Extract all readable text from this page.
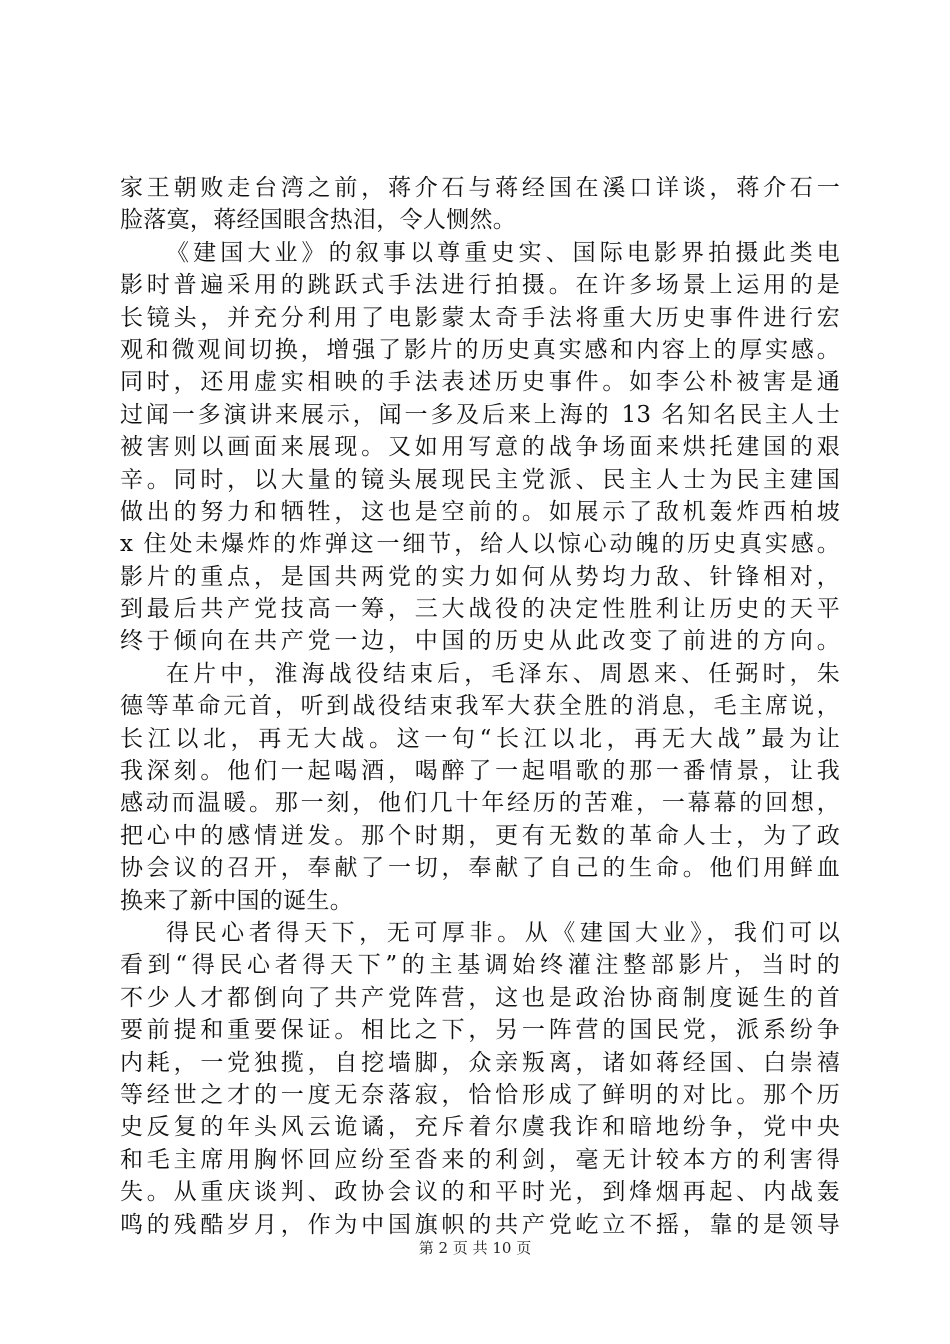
家王朝败走台湾之前，蒋介石与蒋经国在溪口详谈，蒋介石一
脸落寞，蒋经国眼含热泪，令人恻然。
《建国大业》的叙事以尊重史实、国际电影界拍摄此类电
影时普遍采用的跳跃式手法进行拍摄。在许多场景上运用的是
长镜头，并充分利用了电影蒙太奇手法将重大历史事件进行宏
观和微观间切换，增强了影片的历史真实感和内容上的厚实感。
同时，还用虚实相映的手法表述历史事件。如李公朴被害是通
过闻一多演讲来展示，闻一多及后来上海的 13 名知名民主人士
被害则以画面来展现。又如用写意的战争场面来烘托建国的艰
辛。同时，以大量的镜头展现民主党派、民主人士为民主建国
做出的努力和牺牲，这也是空前的。如展示了敌机轰炸西柏坡
x 住处未爆炸的炸弹这一细节，给人以惊心动魄的历史真实感。
影片的重点，是国共两党的实力如何从势均力敌、针锋相对，
到最后共产党技高一筹，三大战役的决定性胜利让历史的天平
终于倾向在共产党一边，中国的历史从此改变了前进的方向。
在片中，淮海战役结束后，毛泽东、周恩来、任弼时，朱
德等革命元首，听到战役结束我军大获全胜的消息，毛主席说，
长江以北，再无大战。这一句“长江以北，再无大战”最为让
我深刻。他们一起喝酒，喝醉了一起唱歌的那一番情景，让我
感动而温暖。那一刻，他们几十年经历的苦难，一幕幕的回想，
把心中的感情迸发。那个时期，更有无数的革命人士，为了政
协会议的召开，奉献了一切，奉献了自己的生命。他们用鲜血
换来了新中国的诞生。
得民心者得天下，无可厚非。从《建国大业》，我们可以
看到“得民心者得天下”的主基调始终灌注整部影片，当时的
不少人才都倒向了共产党阵营，这也是政治协商制度诞生的首
要前提和重要保证。相比之下，另一阵营的国民党，派系纷争
内耗，一党独揽，自挖墙脚，众亲叛离，诸如蒋经国、白崇禧
等经世之才的一度无奈落寂，恰恰形成了鲜明的对比。那个历
史反复的年头风云诡谲，充斥着尔虞我诈和暗地纷争，党中央
和毛主席用胸怀回应纷至沓来的利剑，毫无计较本方的利害得
失。从重庆谈判、政协会议的和平时光，到烽烟再起、内战轰
鸣的残酷岁月，作为中国旗帜的共产党屹立不摇，靠的是领导
第 2 页 共 10 页
